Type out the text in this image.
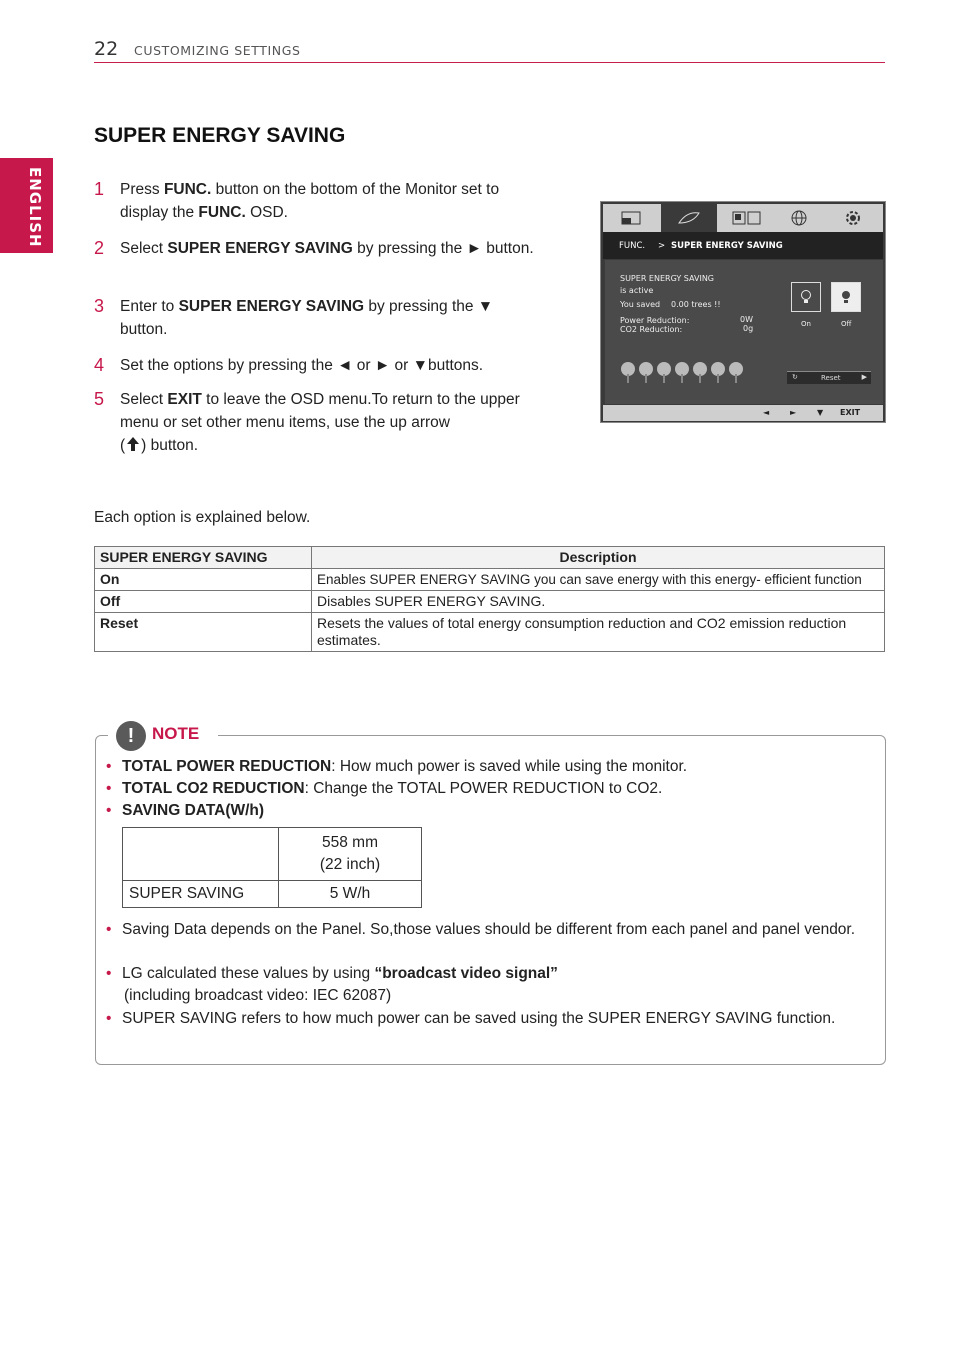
22 CUSTOMIZING SETTINGS
ENGLISH
SUPER ENERGY SAVING
1 Press FUNC. button on the bottom of the Monitor set to display the FUNC. OSD.
2 Select SUPER ENERGY SAVING by pressing the ► button.
3 Enter to SUPER ENERGY SAVING by pressing the ▼ button.
4 Set the options by pressing the ◄ or ► or ▼buttons.
5 Select EXIT to leave the OSD menu.To return to the upper menu or set other menu items, use the up arrow
( ) button.
FUNC. > SUPER ENERGY SAVING
SUPER ENERGY SAVING
is active
You saved 0.00 trees !!
Power Reduction:	0W
CO2 Reduction:	0g	On	Off
↻	Reset	▶
◄	►	▼ EXIT
Each option is explained below.
SUPER ENERGY SAVING	Description
On	Enables SUPER ENERGY SAVING you can save energy with this energy- efficient function
Off	Disables SUPER ENERGY SAVING.
Reset	Resets the values of total energy consumption reduction and CO2 emission reduction estimates.
!	NOTE
• TOTAL POWER REDUCTION: How much power is saved while using the monitor.
• TOTAL CO2 REDUCTION: Change the TOTAL POWER REDUCTION to CO2.
• SAVING DATA(W/h)
	558 mm
(22 inch)
SUPER SAVING	5 W/h
• Saving Data depends on the Panel. So,those values should be different from each panel and panel vendor.
• LG calculated these values by using “broadcast video signal”
(including broadcast video: IEC 62087)
• SUPER SAVING refers to how much power can be saved using the SUPER ENERGY SAVING function.
